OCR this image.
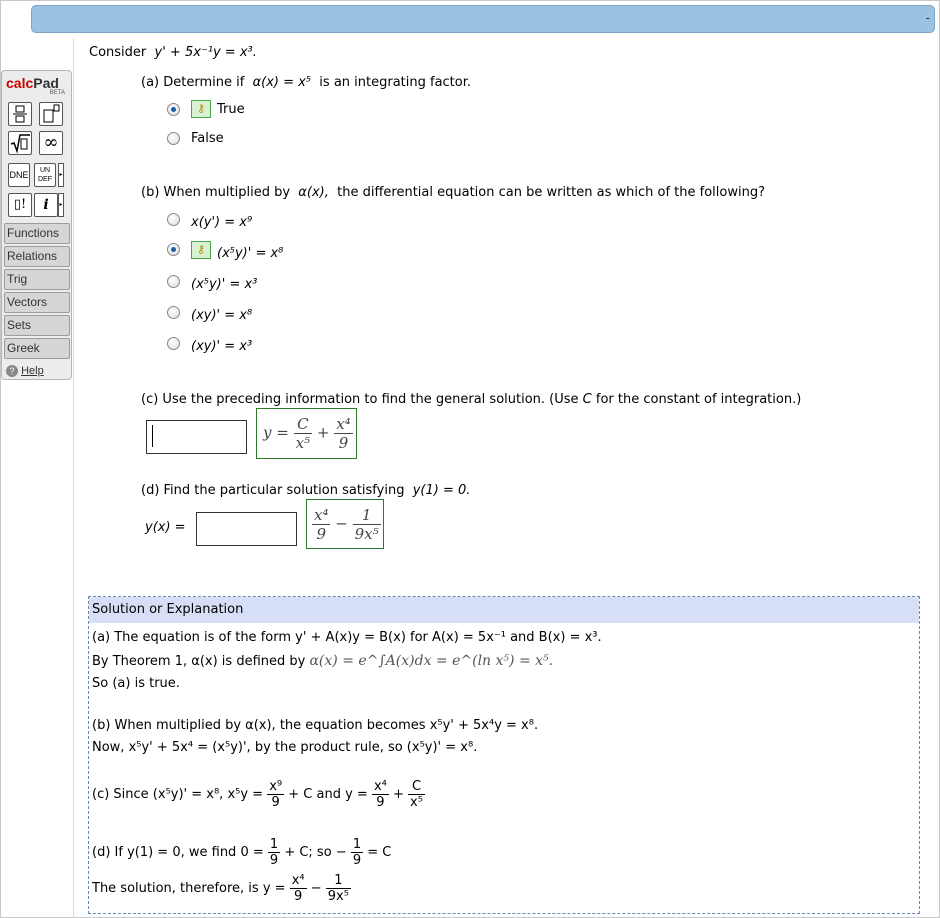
-
calcPad
BETA
∞
DNE	UN DEF
▸
▯!	i	▸
Functions
Relations
Trig
Vectors
Sets
Greek
? Help
Consider y' + 5x⁻¹y = x³.
(a) Determine if α(x) = x⁵ is an integrating factor.
⚷ True
False
(b) When multiplied by α(x), the differential equation can be written as which of the following?
x(y') = x⁹
⚷ (x⁵y)' = x⁸
(x⁵y)' = x³
(xy)' = x⁸
(xy)' = x³
(c) Use the preceding information to find the general solution. (Use C for the constant of integration.)
$y = \frac{C}{\text{x⁵}} + \frac{\text{x⁴}}{9}$
(d) Find the particular solution satisfying y(1) = 0.
y(x) =	$\frac{\text{x⁴}}{9} - \frac{1}{\text{9x⁵}}$
Solution or Explanation
(a) The equation is of the form y' + A(x)y = B(x) for A(x) = 5x⁻¹ and B(x) = x³.
By Theorem 1, α(x) is defined by α(x) = e^∫A(x)dx = e^(ln x⁵) = x⁵.
So (a) is true.
(b) When multiplied by α(x), the equation becomes x⁵y' + 5x⁴y = x⁸.
Now, x⁵y' + 5x⁴ = (x⁵y)', by the product rule, so (x⁵y)' = x⁸.
(c) Since (x⁵y)' = x⁸, $x^5y = \frac{\text{x⁹}}{9} + C$ and $y = \frac{\text{x⁴}}{9} + \frac{C}{\text{x⁵}}$
(d) If y(1) = 0, we find $0 = \frac{1}{9} + C$; so − $\frac{1}{9} = C$
The solution, therefore, is $y = \frac{\text{x⁴}}{9} - \frac{1}{\text{9x⁵}}$
